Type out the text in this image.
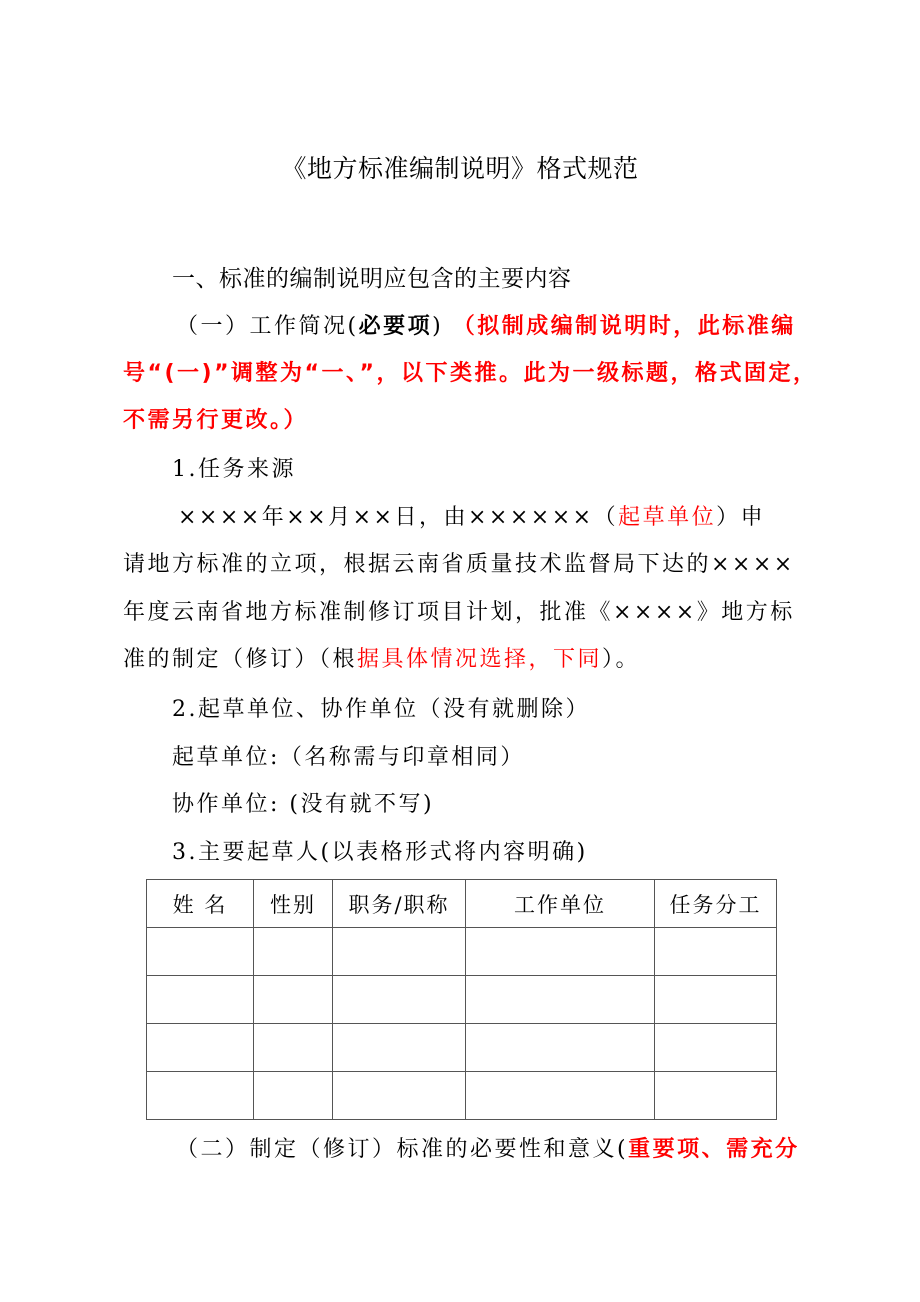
《地方标准编制说明》格式规范
一、标准的编制说明应包含的主要内容
（一）工作简况(必要项) （拟制成编制说明时，此标准编
号“(一)”调整为“一、”，以下类推。此为一级标题，格式固定，
不需另行更改。）
1.任务来源
××××年××月××日，由××××××（起草单位）申
请地方标准的立项，根据云南省质量技术监督局下达的××××
年度云南省地方标准制修订项目计划，批准《××××》地方标
准的制定（修订）（根据具体情况选择，下同）。
2.起草单位、协作单位（没有就删除）
起草单位:（名称需与印章相同）
协作单位: (没有就不写)
3.主要起草人(以表格形式将内容明确)
姓 名	性别	职务/职称	工作单位	任务分工

（二）制定（修订）标准的必要性和意义(重要项、需充分
